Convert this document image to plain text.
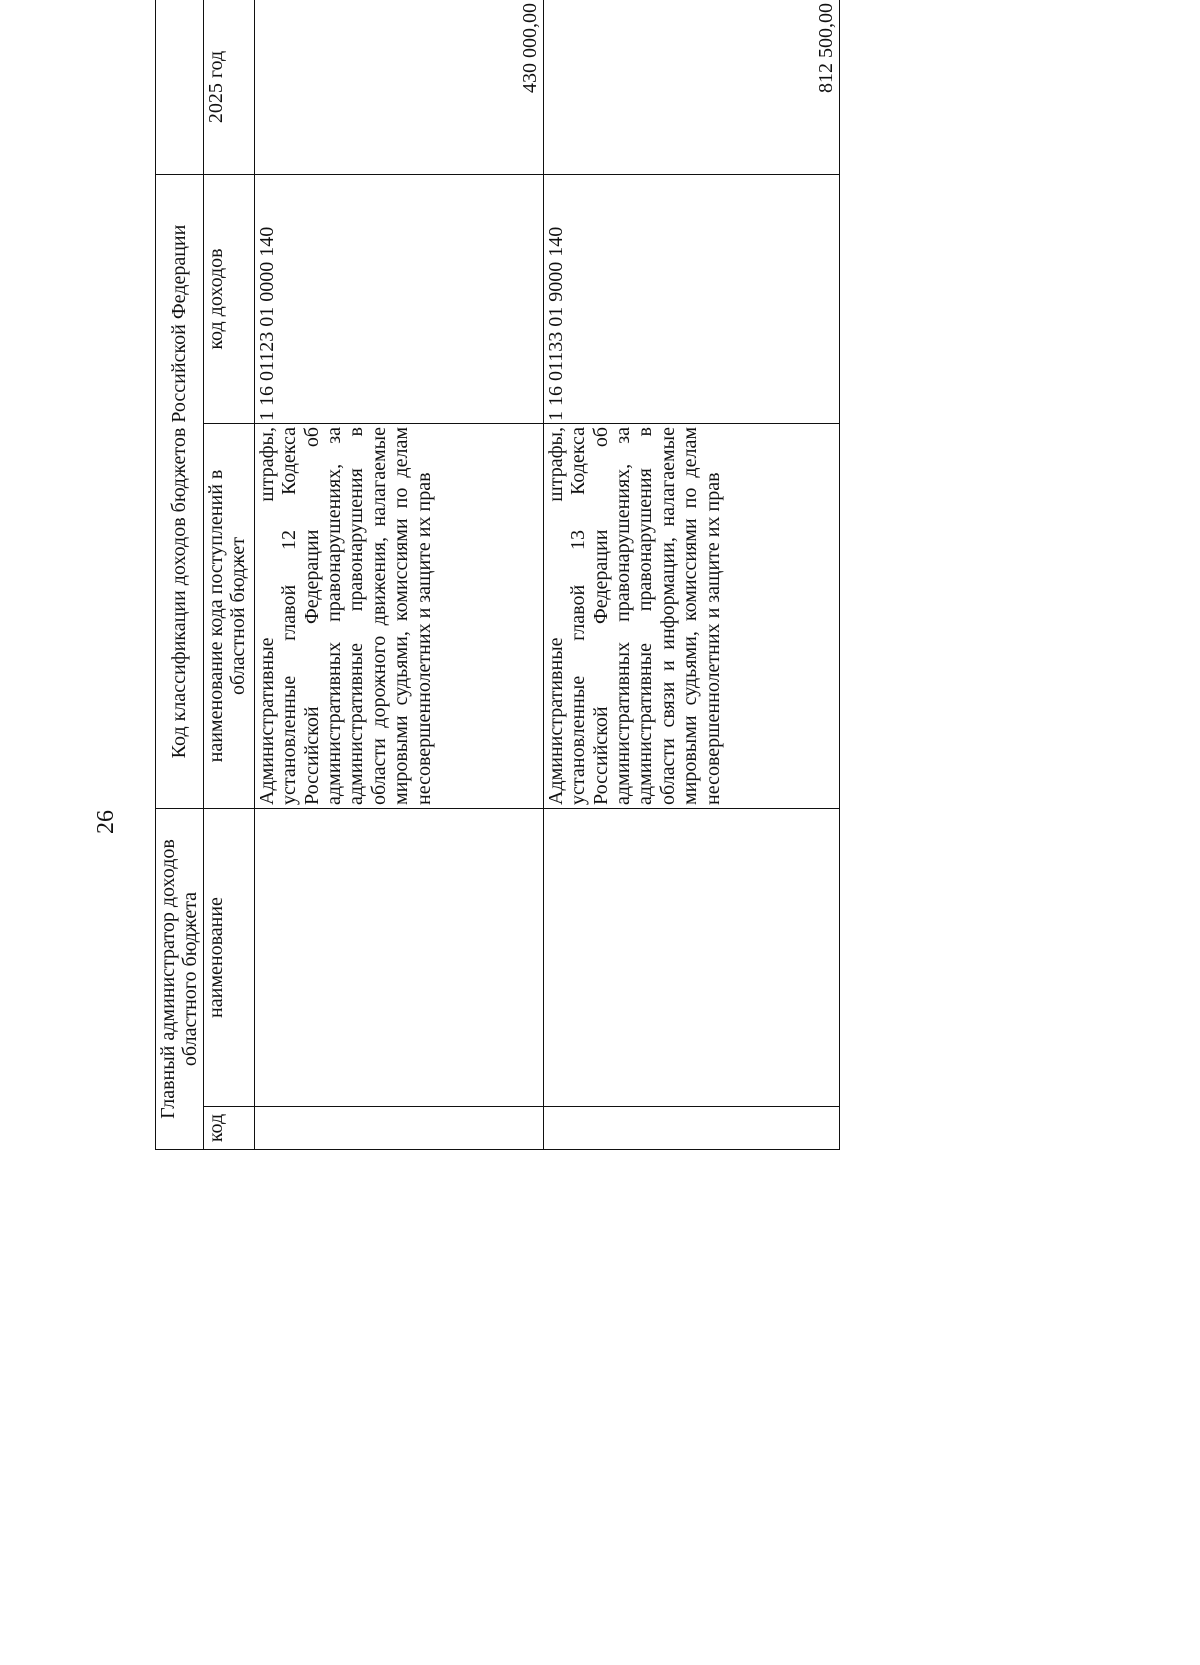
26
Главный администратор доходов областного бюджета		Код классификации доходов бюджетов Российской Федерации	
код	наименование	наименование кода поступлений в областной бюджет	код доходов	2025 год		
		Административные штрафы, установленные главой 12 Кодекса Российской Федерации об административных правонарушениях, за административные правонарушения в области дорожного движения, налагаемые мировыми судьями, комиссиями по делам несовершеннолетних и защите их прав	1 16 01123 01 0000 140	430 000,00		
		Административные штрафы, установленные главой 13 Кодекса Российской Федерации об административных правонарушениях, за административные правонарушения в области связи и информации, налагаемые мировыми судьями, комиссиями по делам несовершеннолетних и защите их прав	1 16 01133 01 9000 140	812 500,00		
